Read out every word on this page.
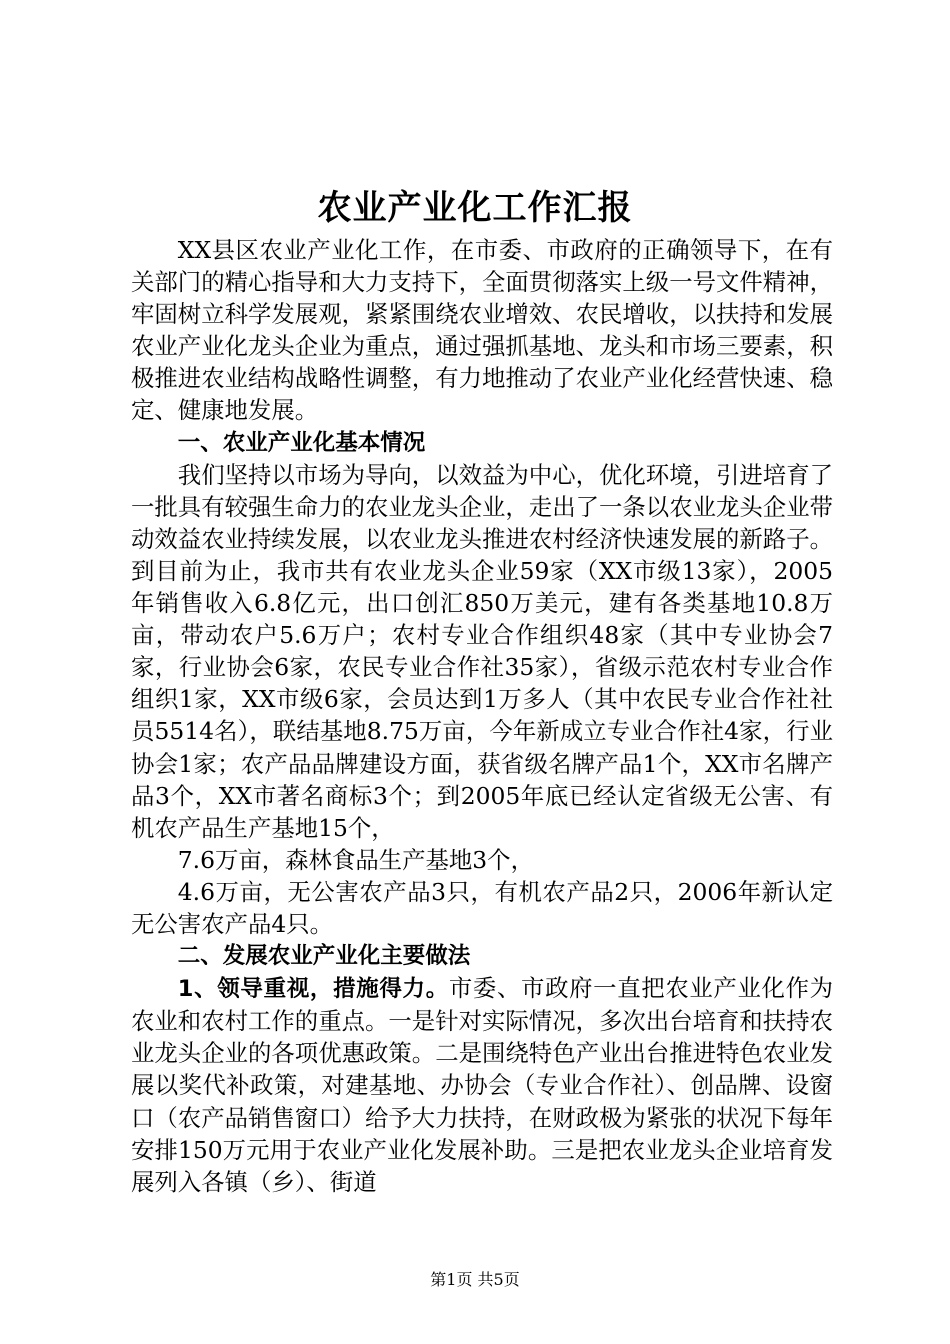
农业产业化工作汇报

XX县区农业产业化工作，在市委、市政府的正确领导下，在有关部门的精心指导和大力支持下，全面贯彻落实上级一号文件精神，牢固树立科学发展观，紧紧围绕农业增效、农民增收，以扶持和发展农业产业化龙头企业为重点，通过强抓基地、龙头和市场三要素，积极推进农业结构战略性调整，有力地推动了农业产业化经营快速、稳定、健康地发展。

一、农业产业化基本情况

我们坚持以市场为导向，以效益为中心，优化环境，引进培育了一批具有较强生命力的农业龙头企业，走出了一条以农业龙头企业带动效益农业持续发展，以农业龙头推进农村经济快速发展的新路子。到目前为止，我市共有农业龙头企业59家（XX市级13家），2005年销售收入6.8亿元，出口创汇850万美元，建有各类基地10.8万亩，带动农户5.6万户；农村专业合作组织48家（其中专业协会7家，行业协会6家，农民专业合作社35家），省级示范农村专业合作组织1家，XX市级6家，会员达到1万多人（其中农民专业合作社社员5514名），联结基地8.75万亩，今年新成立专业合作社4家，行业协会1家；农产品品牌建设方面，获省级名牌产品1个，XX市名牌产品3个，XX市著名商标3个；到2005年底已经认定省级无公害、有机农产品生产基地15个，

7.6万亩，森林食品生产基地3个，

4.6万亩，无公害农产品3只，有机农产品2只，2006年新认定无公害农产品4只。

二、发展农业产业化主要做法

1、领导重视，措施得力。市委、市政府一直把农业产业化作为农业和农村工作的重点。一是针对实际情况，多次出台培育和扶持农业龙头企业的各项优惠政策。二是围绕特色产业出台推进特色农业发展以奖代补政策，对建基地、办协会（专业合作社）、创品牌、设窗口（农产品销售窗口）给予大力扶持，在财政极为紧张的状况下每年安排150万元用于农业产业化发展补助。三是把农业龙头企业培育发展列入各镇（乡）、街道

第1页 共5页
